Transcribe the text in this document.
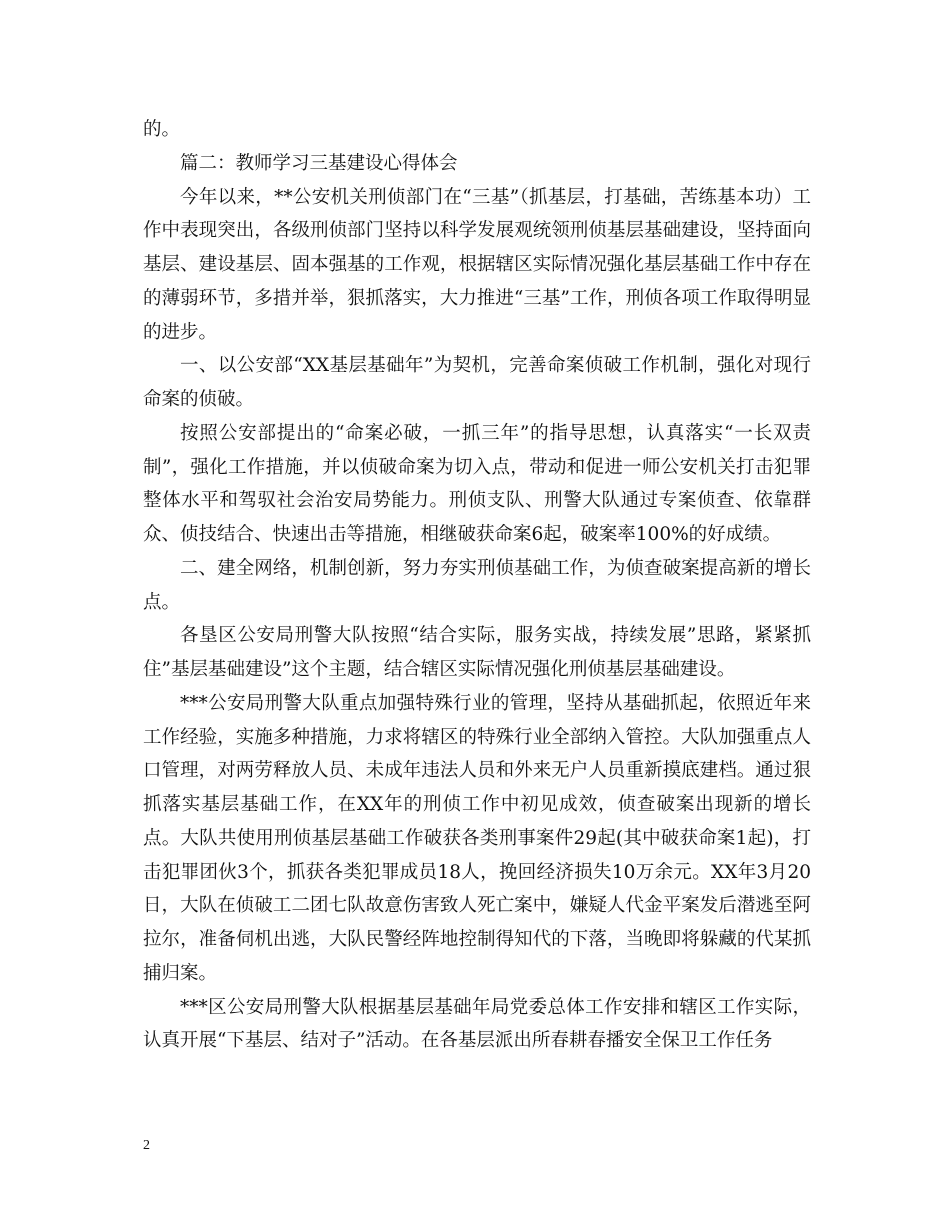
的。

篇二：教师学习三基建设心得体会

今年以来，**公安机关刑侦部门在“三基”（抓基层，打基础，苦练基本功）工作中表现突出，各级刑侦部门坚持以科学发展观统领刑侦基层基础建设，坚持面向基层、建设基层、固本强基的工作观，根据辖区实际情况强化基层基础工作中存在的薄弱环节，多措并举，狠抓落实，大力推进“三基”工作，刑侦各项工作取得明显的进步。

一、以公安部“XX基层基础年”为契机，完善命案侦破工作机制，强化对现行命案的侦破。

按照公安部提出的“命案必破，一抓三年”的指导思想，认真落实“一长双责制”，强化工作措施，并以侦破命案为切入点，带动和促进一师公安机关打击犯罪整体水平和驾驭社会治安局势能力。刑侦支队、刑警大队通过专案侦查、依靠群众、侦技结合、快速出击等措施，相继破获命案6起，破案率100%的好成绩。

二、建全网络，机制创新，努力夯实刑侦基础工作，为侦查破案提高新的增长点。

各垦区公安局刑警大队按照“结合实际，服务实战，持续发展”思路，紧紧抓住”基层基础建设”这个主题，结合辖区实际情况强化刑侦基层基础建设。

***公安局刑警大队重点加强特殊行业的管理，坚持从基础抓起，依照近年来工作经验，实施多种措施，力求将辖区的特殊行业全部纳入管控。大队加强重点人口管理，对两劳释放人员、未成年违法人员和外来无户人员重新摸底建档。通过狠抓落实基层基础工作，在XX年的刑侦工作中初见成效，侦查破案出现新的增长点。大队共使用刑侦基层基础工作破获各类刑事案件29起(其中破获命案1起)，打击犯罪团伙3个，抓获各类犯罪成员18人，挽回经济损失10万余元。XX年3月20日，大队在侦破工二团七队故意伤害致人死亡案中，嫌疑人代金平案发后潜逃至阿拉尔，准备伺机出逃，大队民警经阵地控制得知代的下落，当晚即将躲藏的代某抓捕归案。

***区公安局刑警大队根据基层基础年局党委总体工作安排和辖区工作实际，认真开展“下基层、结对子”活动。在各基层派出所春耕春播安全保卫工作任务

2
